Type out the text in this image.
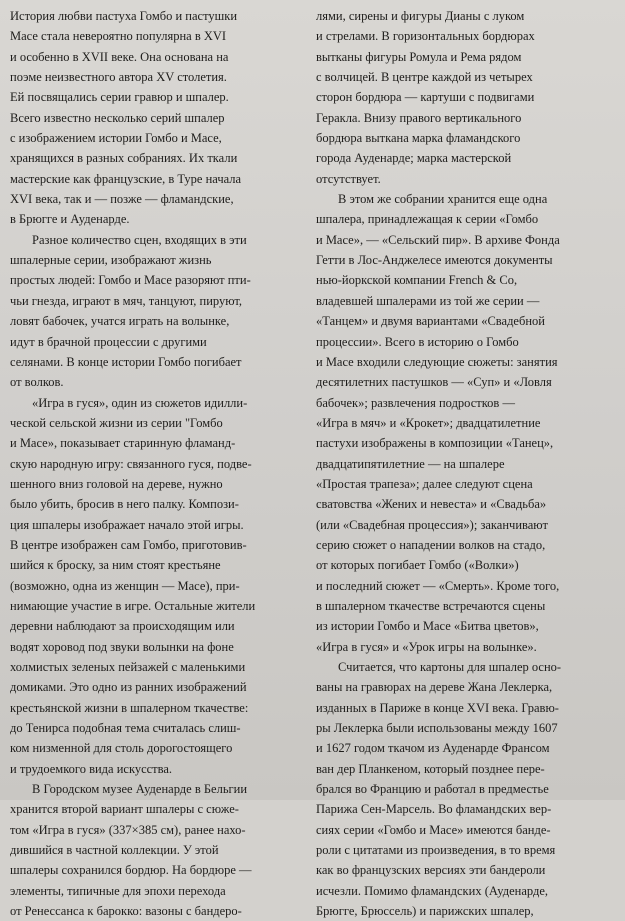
История любви пастуха Гомбо и пастушки
Масе стала невероятно популярна в XVI
и особенно в XVII веке. Она основана на
поэме неизвестного автора XV столетия.
Ей посвящались серии гравюр и шпалер.
Всего известно несколько серий шпалер
с изображением истории Гомбо и Масе,
хранящихся в разных собраниях. Их ткали
мастерские как французские, в Туре начала
XVI века, так и — позже — фламандские,
в Брюгге и Ауденарде.
Разное количество сцен, входящих в эти
шпалерные серии, изображают жизнь
простых людей: Гомбо и Масе разоряют пти-
чьи гнезда, играют в мяч, танцуют, пируют,
ловят бабочек, учатся играть на волынке,
идут в брачной процессии с другими
селянами. В конце истории Гомбо погибает
от волков.
«Игра в гуся», один из сюжетов идилли-
ческой сельской жизни из серии "Гомбо
и Масе», показывает старинную фламанд-
скую народную игру: связанного гуся, подве-
шенного вниз головой на дереве, нужно
было убить, бросив в него палку. Компози-
ция шпалеры изображает начало этой игры.
В центре изображен сам Гомбо, приготовив-
шийся к броску, за ним стоят крестьяне
(возможно, одна из женщин — Масе), при-
нимающие участие в игре. Остальные жители
деревни наблюдают за происходящим или
водят хоровод под звуки волынки на фоне
холмистых зеленых пейзажей с маленькими
домиками. Это одно из ранних изображений
крестьянской жизни в шпалерном ткачестве:
до Тенирса подобная тема считалась слиш-
ком низменной для столь дорогостоящего
и трудоемкого вида искусства.
В Городском музее Ауденарде в Бельгии
хранится второй вариант шпалеры с сюже-
том «Игра в гуся» (337×385 см), ранее нахо-
дившийся в частной коллекции. У этой
шпалеры сохранился бордюр. На бордюре —
элементы, типичные для эпохи перехода
от Ренессанса к барокко: вазоны с бандеро-
лями, сирены и фигуры Дианы с луком
и стрелами. В горизонтальных бордюрах
вытканы фигуры Ромула и Рема рядом
с волчицей. В центре каждой из четырех
сторон бордюра — картуши с подвигами
Геракла. Внизу правого вертикального
бордюра вытканa марка фламандского
города Ауденарде; марка мастерской
отсутствует.
В этом же собрании хранится еще одна
шпалера, принадлежащая к серии «Гомбо
и Масе», — «Сельский пир». В архиве Фонда
Гетти в Лос-Анджелесе имеются документы
нью-йоркской компании French & Co,
владевшей шпалерами из той же серии —
«Танцем» и двумя вариантами «Свадебной
процессии». Всего в историю о Гомбо
и Масе входили следующие сюжеты: занятия
десятилетних пастушков — «Суп» и «Ловля
бабочек»; развлечения подростков —
«Игра в мяч» и «Крокет»; двадцатилетние
пастухи изображены в композиции «Танец»,
двадцатипятилетние — на шпалере
«Простая трапеза»; далее следуют сцена
сватовства «Жених и невеста» и «Свадьба»
(или «Свадебная процессия»); заканчивают
серию сюжет о нападении волков на стадо,
от которых погибает Гомбо («Волки»)
и последний сюжет — «Смерть». Кроме того,
в шпалерном ткачестве встречаются сцены
из истории Гомбо и Масе «Битва цветов»,
«Игра в гуся» и «Урок игры на волынке».
Считается, что картоны для шпалер осно-
ваны на гравюрах на дереве Жана Леклерка,
изданных в Париже в конце XVI века. Гравю-
ры Леклерка были использованы между 1607
и 1627 годом ткачом из Ауденарде Франсом
ван дер Планкеном, который позднее пере-
брался во Францию и работал в предместье
Парижа Сен-Марсель. Во фламандских вер-
сиях серии «Гомбо и Масе» имеются банде-
роли с цитатами из произведения, в то время
как во французских версиях эти бандероли
исчезли. Помимо фламандских (Ауденарде,
Брюгге, Брюссель) и парижских шпалер,
